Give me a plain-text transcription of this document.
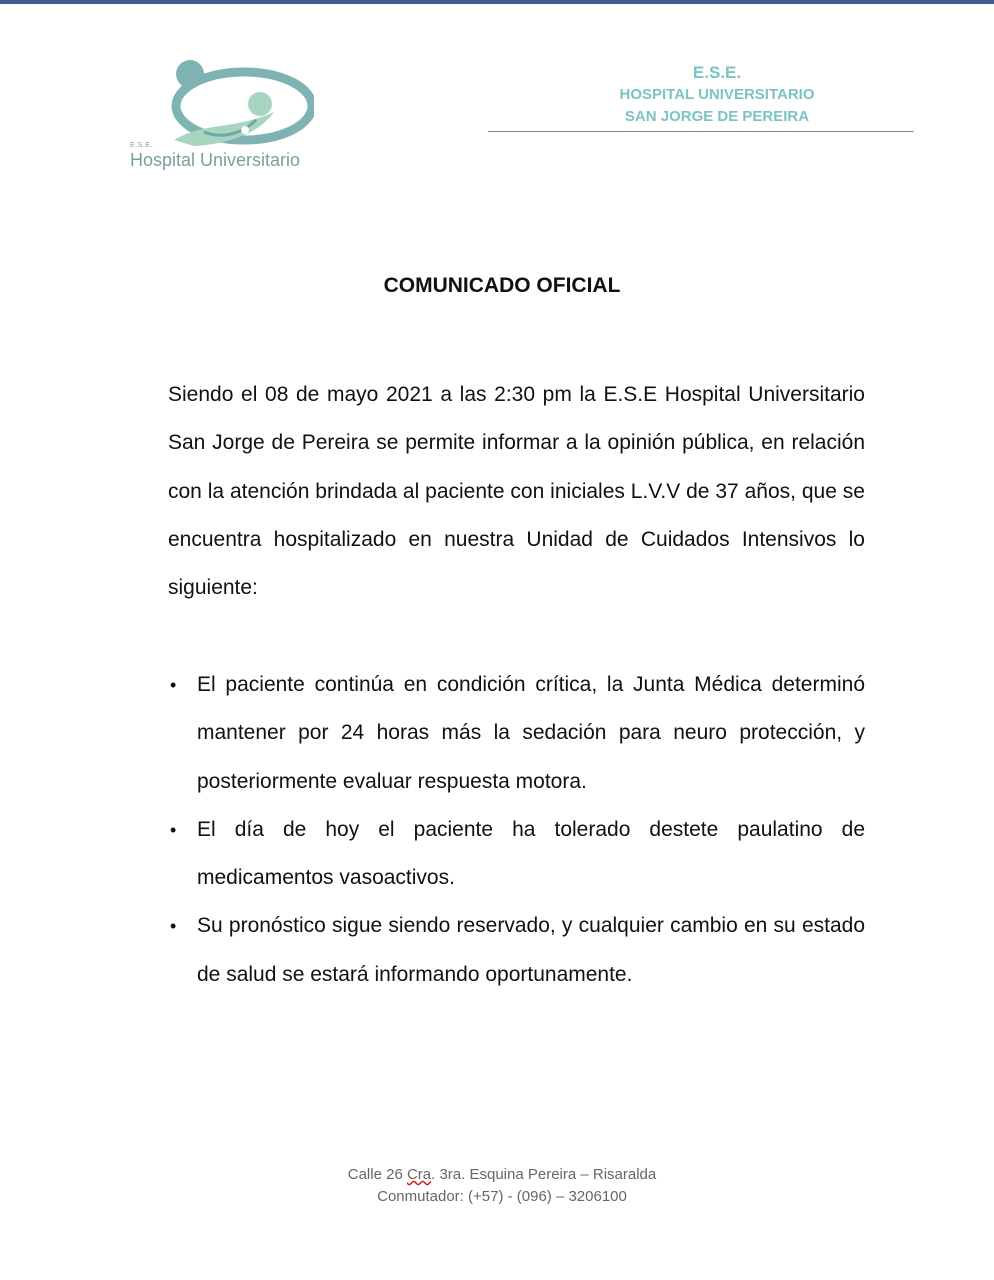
E.S.E.
Hospital Universitario
E.S.E.
HOSPITAL UNIVERSITARIO
SAN JORGE DE PEREIRA
COMUNICADO OFICIAL

Siendo el 08 de mayo 2021 a las 2:30 pm la E.S.E Hospital Universitario San Jorge de Pereira se permite informar a la opinión pública, en relación con la atención brindada al paciente con iniciales L.V.V de 37 años, que se encuentra hospitalizado en nuestra Unidad de Cuidados Intensivos lo siguiente:

• El paciente continúa en condición crítica, la Junta Médica determinó mantener por 24 horas más la sedación para neuro protección, y posteriormente evaluar respuesta motora.
• El día de hoy el paciente ha tolerado destete paulatino de medicamentos vasoactivos.
• Su pronóstico sigue siendo reservado, y cualquier cambio en su estado de salud se estará informando oportunamente.
Calle 26 Cra. 3ra. Esquina Pereira – Risaralda
Conmutador: (+57) - (096) – 3206100
